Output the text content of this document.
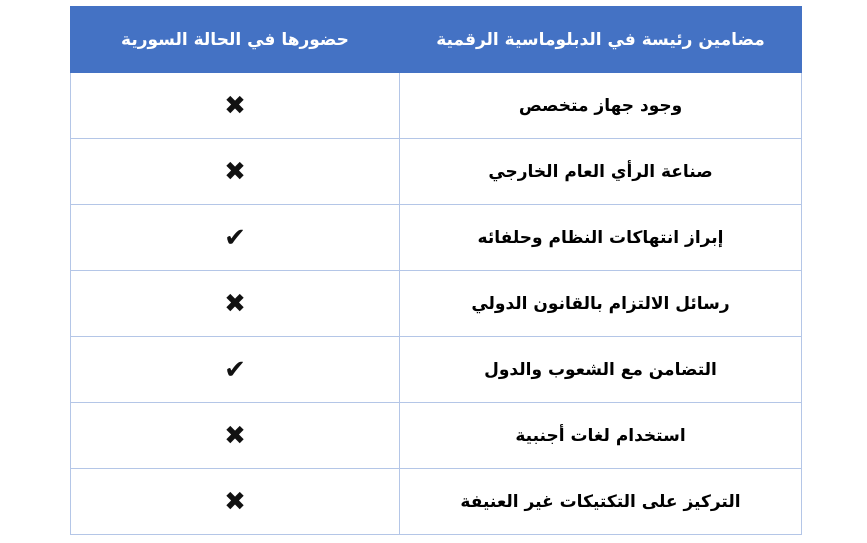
مضامين رئيسة في الدبلوماسية الرقمية	حضورها في الحالة السورية
وجود جهاز متخصص	✖
صناعة الرأي العام الخارجي	✖
إبراز انتهاكات النظام وحلفائه	✔
رسائل الالتزام بالقانون الدولي	✖
التضامن مع الشعوب والدول	✔
استخدام لغات أجنبية	✖
التركيز على التكتيكات غير العنيفة	✖
